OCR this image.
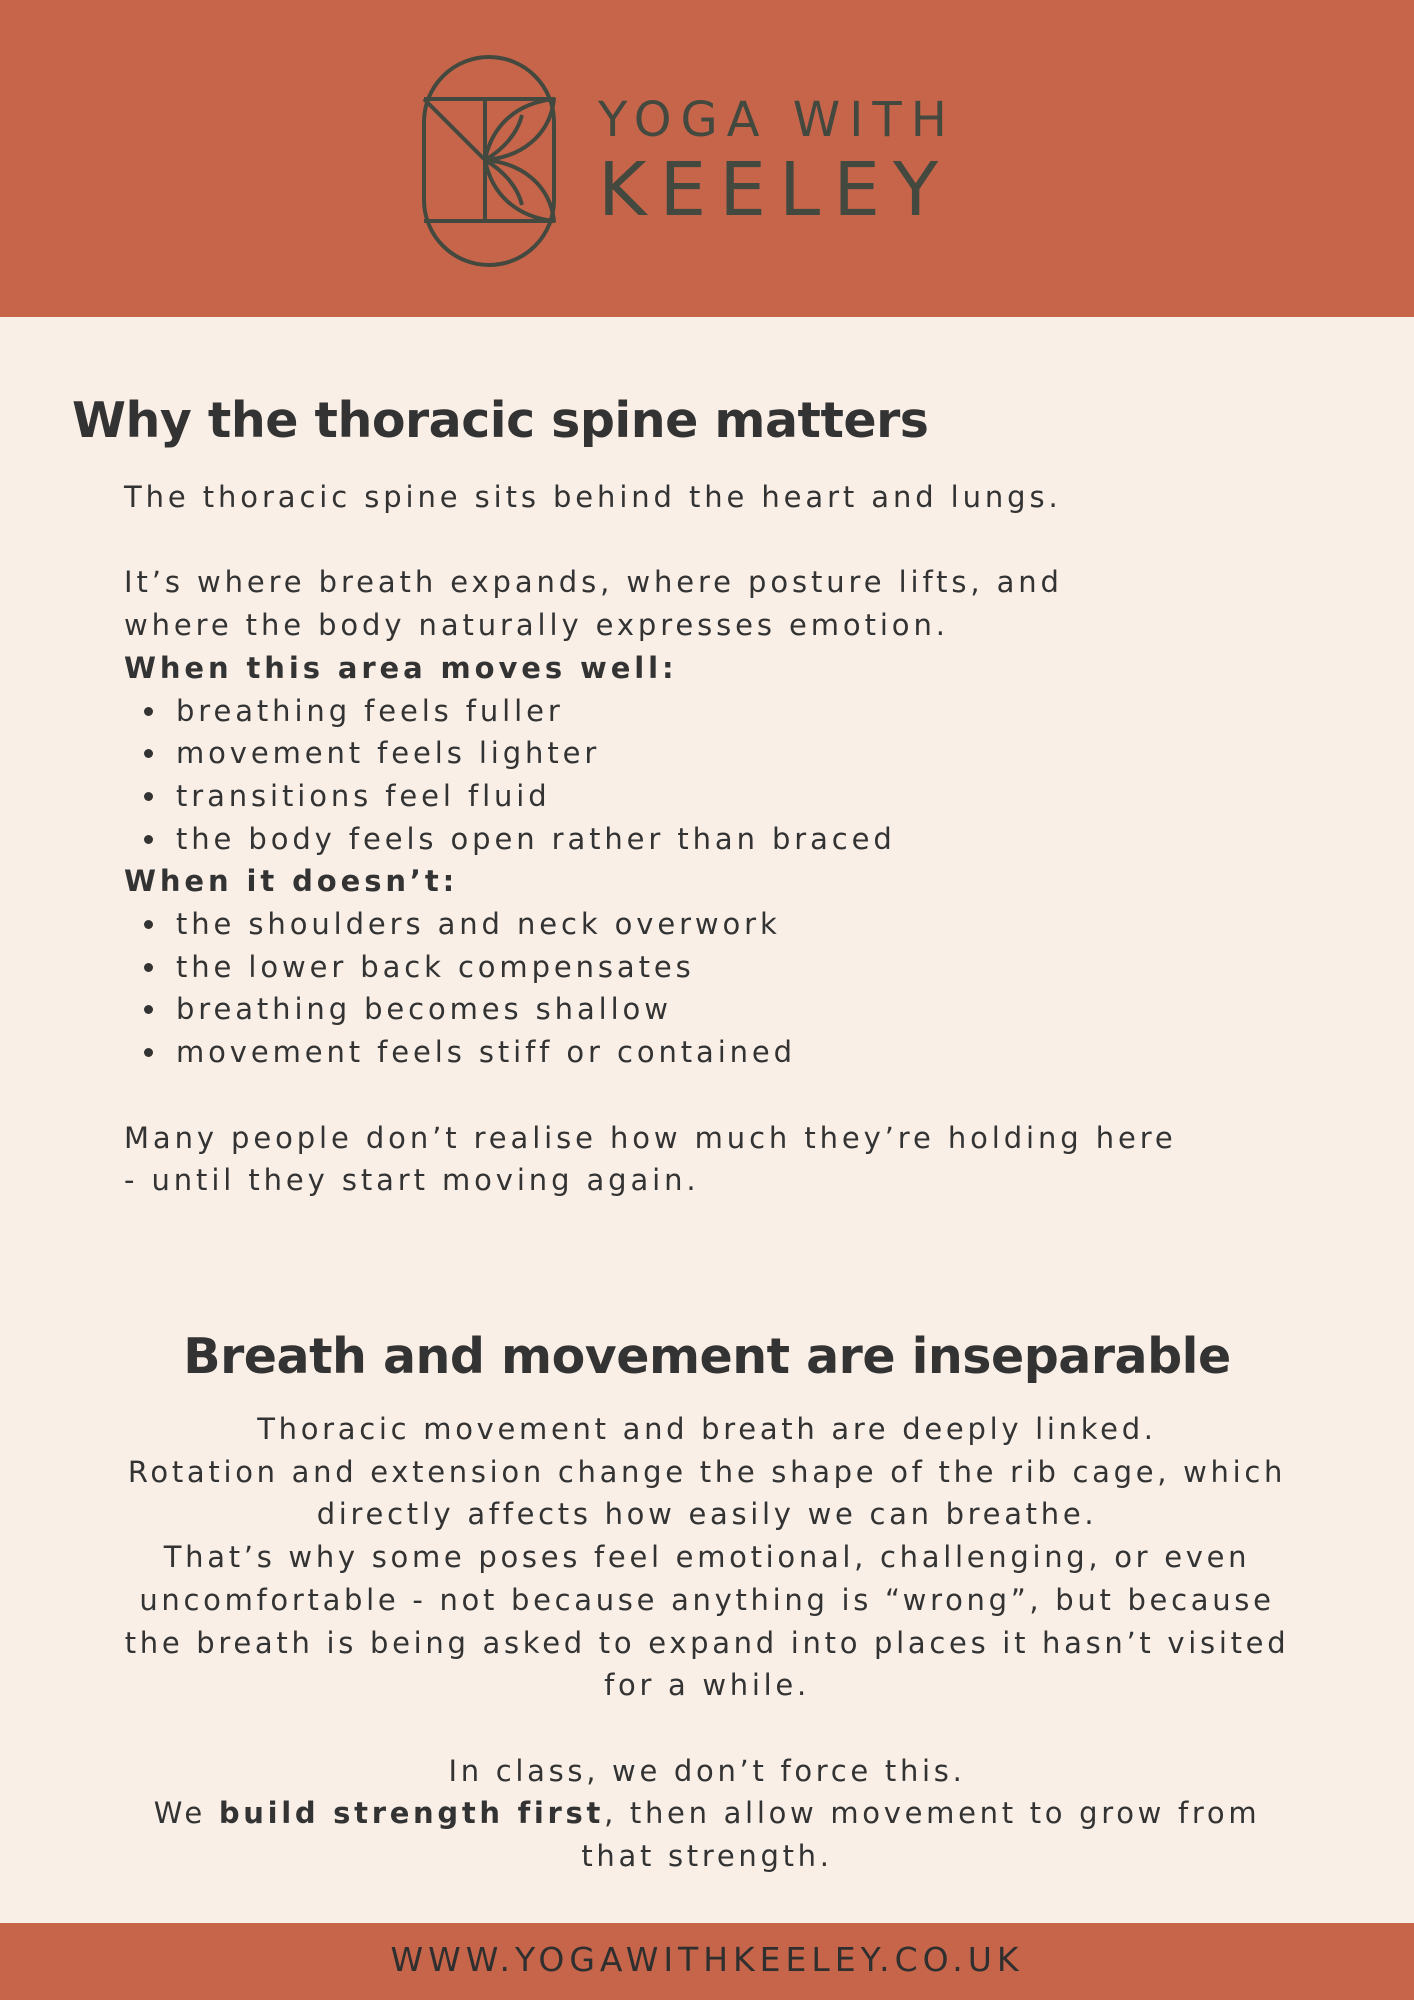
YOGA WITH
KEELEY
Why the thoracic spine matters

The thoracic spine sits behind the heart and lungs.

It’s where breath expands, where posture lifts, and

where the body naturally expresses emotion.

When this area moves well:

breathing feels fuller
movement feels lighter
transitions feel fluid
the body feels open rather than braced

When it doesn’t:

the shoulders and neck overwork
the lower back compensates
breathing becomes shallow
movement feels stiff or contained

Many people don’t realise how much they’re holding here

- until they start moving again.

Breath and movement are inseparable

Thoracic movement and breath are deeply linked.

Rotation and extension change the shape of the rib cage, which

directly affects how easily we can breathe.

That’s why some poses feel emotional, challenging, or even

uncomfortable - not because anything is “wrong”, but because

the breath is being asked to expand into places it hasn’t visited

for a while.

In class, we don’t force this.

We build strength first, then allow movement to grow from

that strength.

WWW.YOGAWITHKEELEY.CO.UK
